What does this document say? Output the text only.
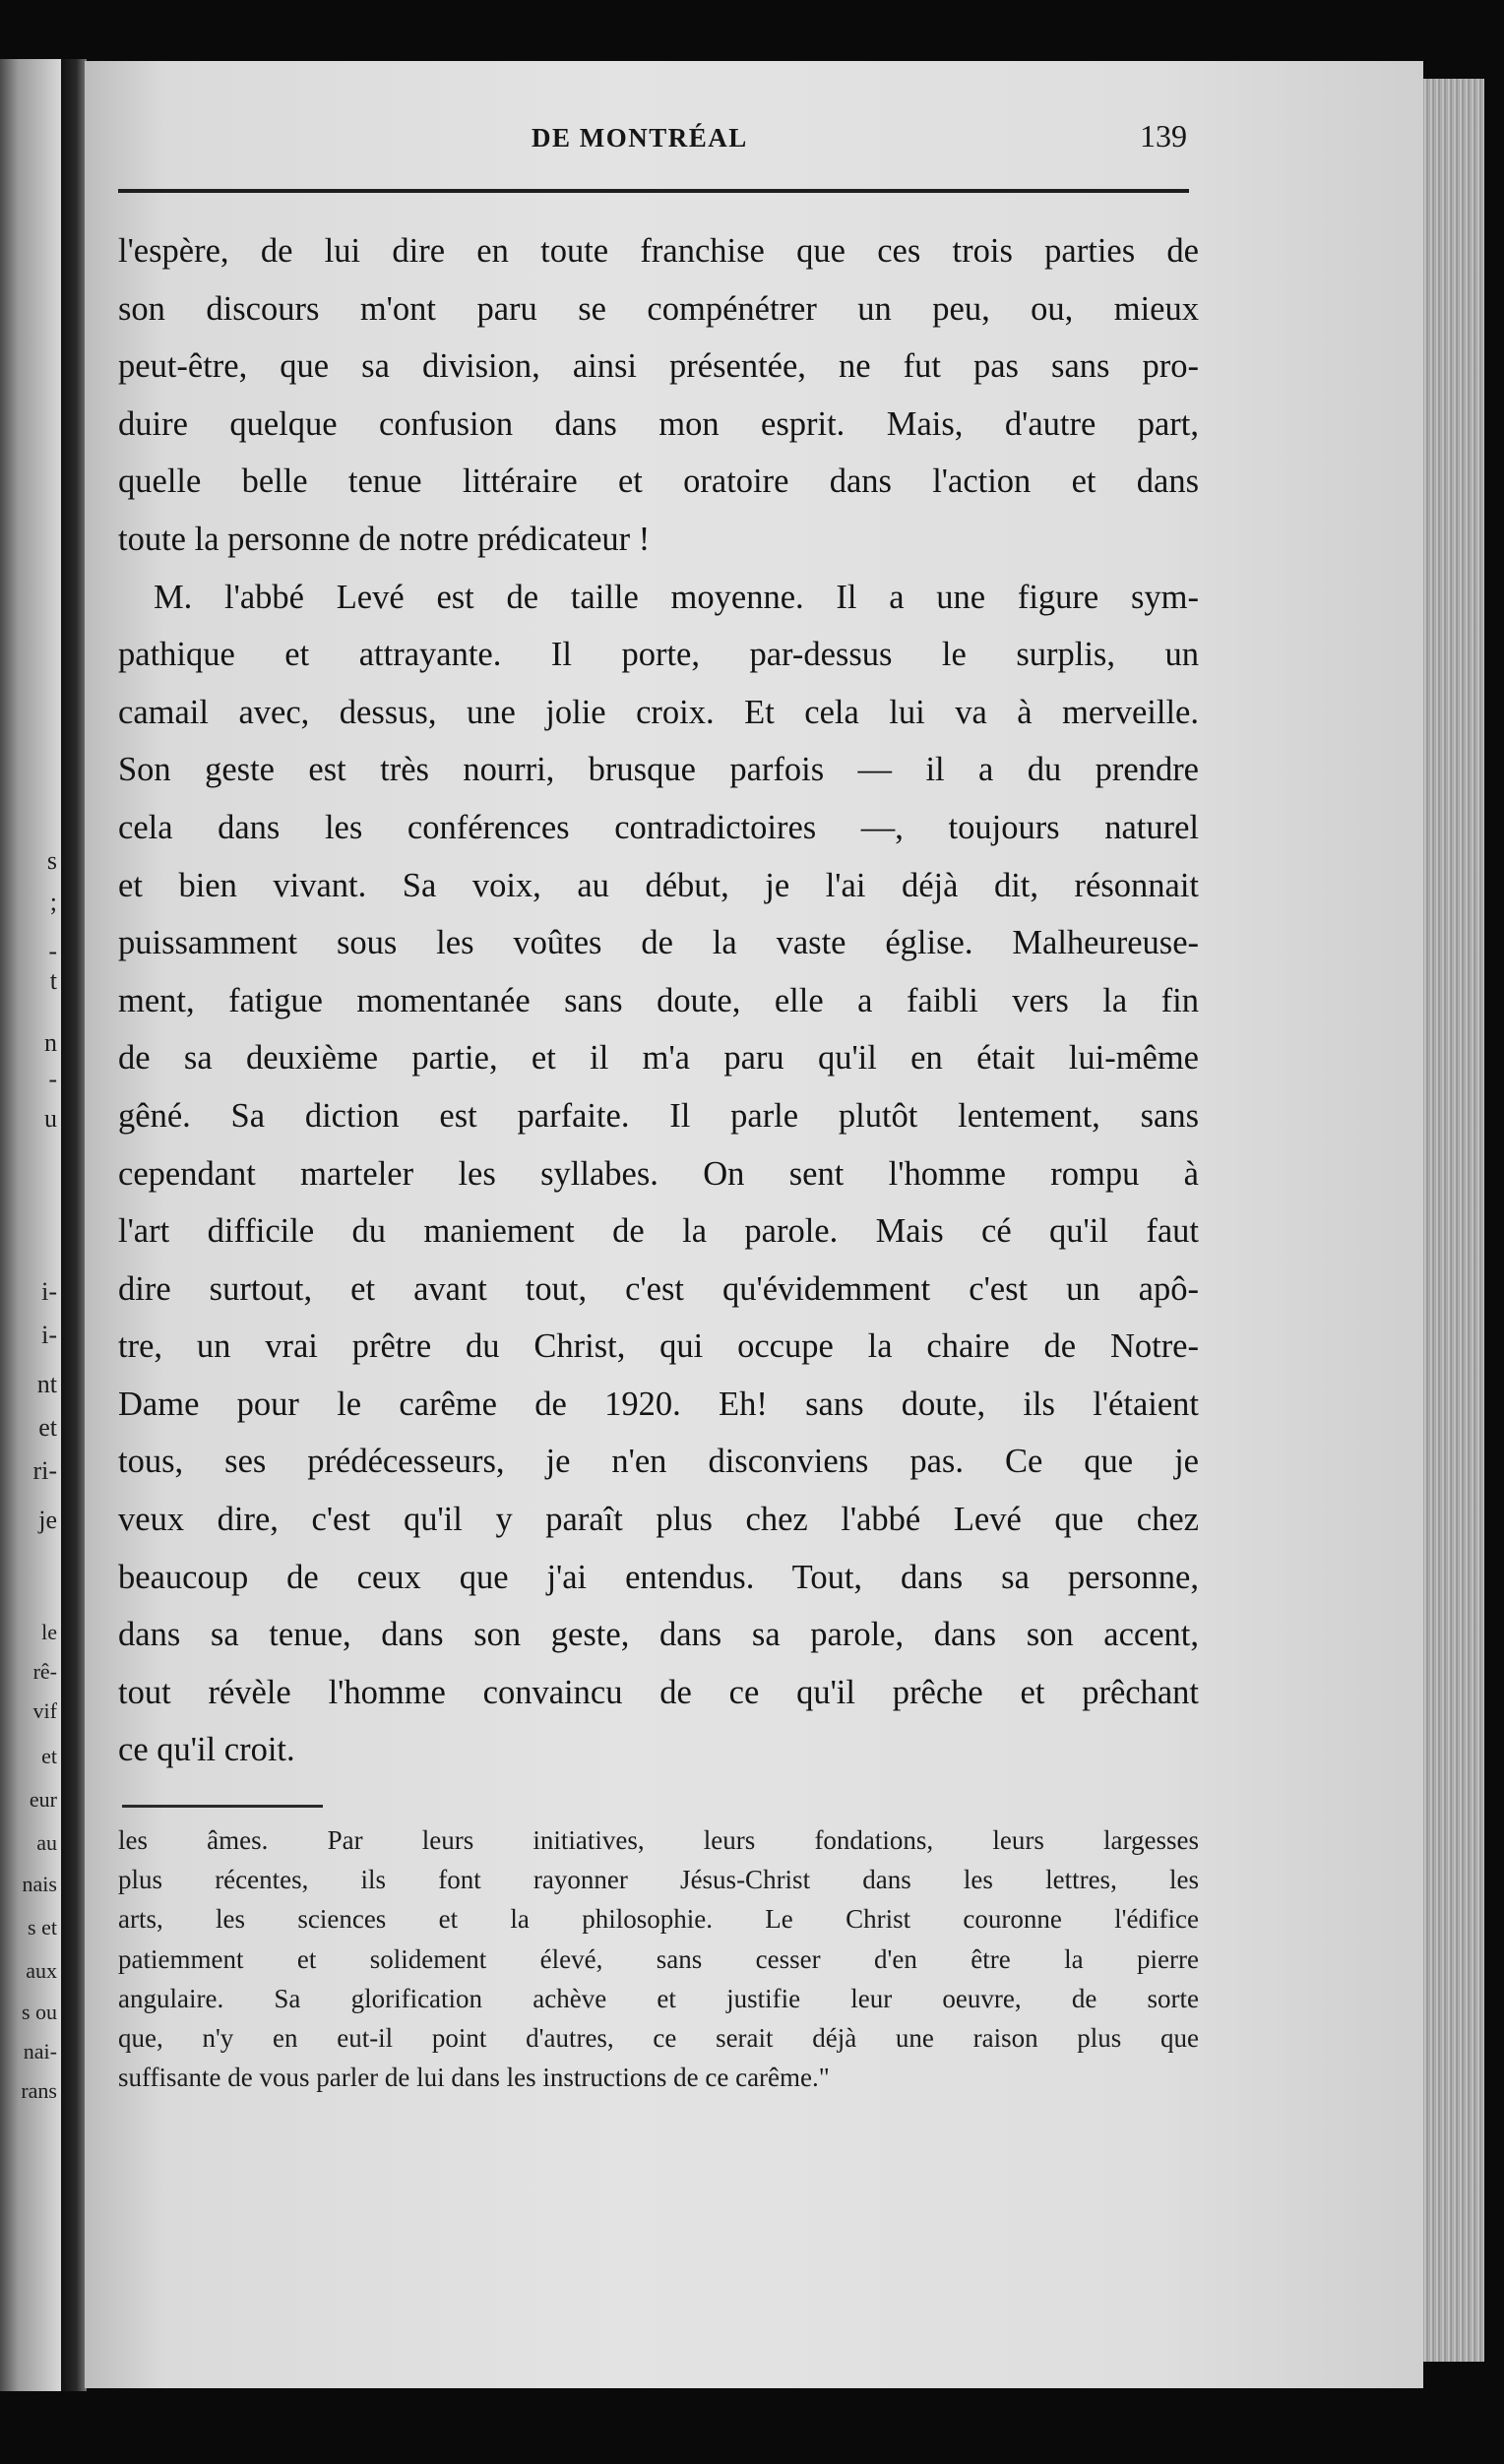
s
;
-
t
n
-
u
i-
i-
nt
et
ri-
je
le
rê-
vif
et
eur
au
nais
s et
aux
s ou
nai-
rans
DE MONTRÉAL	139
l'espère, de lui dire en toute franchise que ces trois parties de
son discours m'ont paru se compénétrer un peu, ou, mieux
peut-être, que sa division, ainsi présentée, ne fut pas sans pro-
duire quelque confusion dans mon esprit. Mais, d'autre part,
quelle belle tenue littéraire et oratoire dans l'action et dans
toute la personne de notre prédicateur !
M. l'abbé Levé est de taille moyenne. Il a une figure sym-
pathique et attrayante. Il porte, par-dessus le surplis, un
camail avec, dessus, une jolie croix. Et cela lui va à merveille.
Son geste est très nourri, brusque parfois — il a du prendre
cela dans les conférences contradictoires —, toujours naturel
et bien vivant. Sa voix, au début, je l'ai déjà dit, résonnait
puissamment sous les voûtes de la vaste église. Malheureuse-
ment, fatigue momentanée sans doute, elle a faibli vers la fin
de sa deuxième partie, et il m'a paru qu'il en était lui-même
gêné. Sa diction est parfaite. Il parle plutôt lentement, sans
cependant marteler les syllabes. On sent l'homme rompu à
l'art difficile du maniement de la parole. Mais cé qu'il faut
dire surtout, et avant tout, c'est qu'évidemment c'est un apô-
tre, un vrai prêtre du Christ, qui occupe la chaire de Notre-
Dame pour le carême de 1920. Eh! sans doute, ils l'étaient
tous, ses prédécesseurs, je n'en disconviens pas. Ce que je
veux dire, c'est qu'il y paraît plus chez l'abbé Levé que chez
beaucoup de ceux que j'ai entendus. Tout, dans sa personne,
dans sa tenue, dans son geste, dans sa parole, dans son accent,
tout révèle l'homme convaincu de ce qu'il prêche et prêchant
ce qu'il croit.
les âmes. Par leurs initiatives, leurs fondations, leurs largesses
plus récentes, ils font rayonner Jésus-Christ dans les lettres, les
arts, les sciences et la philosophie. Le Christ couronne l'édifice
patiemment et solidement élevé, sans cesser d'en être la pierre
angulaire. Sa glorification achève et justifie leur oeuvre, de sorte
que, n'y en eut-il point d'autres, ce serait déjà une raison plus que
suffisante de vous parler de lui dans les instructions de ce carême."
